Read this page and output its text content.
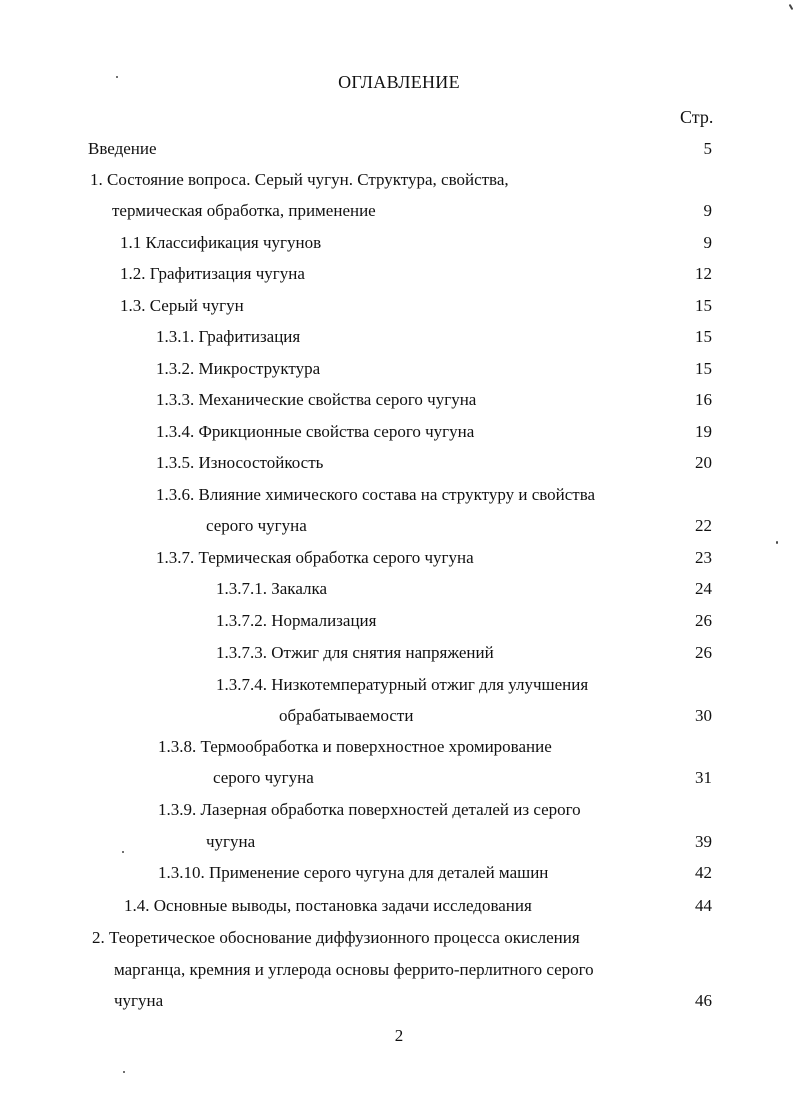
ОГЛАВЛЕНИЕ
Стр.
Введение	5
1. Состояние вопроса. Серый чугун. Структура, свойства,
термическая обработка, применение	9
1.1 Классификация чугунов	9
1.2. Графитизация чугуна	12
1.3. Серый чугун	15
1.3.1. Графитизация	15
1.3.2. Микроструктура	15
1.3.3. Механические свойства серого чугуна	16
1.3.4. Фрикционные свойства серого чугуна	19
1.3.5. Износостойкость	20
1.3.6. Влияние химического состава на структуру и свойства
серого чугуна	22
1.3.7. Термическая обработка серого чугуна	23
1.3.7.1. Закалка	24
1.3.7.2. Нормализация	26
1.3.7.3. Отжиг для снятия напряжений	26
1.3.7.4. Низкотемпературный отжиг для улучшения
обрабатываемости	30
1.3.8. Термообработка и поверхностное хромирование
серого чугуна	31
1.3.9. Лазерная обработка поверхностей деталей из серого
чугуна	39
1.3.10. Применение серого чугуна для деталей машин	42
1.4. Основные выводы, постановка задачи исследования	44
2. Теоретическое обоснование диффузионного процесса окисления
марганца, кремния и углерода основы феррито-перлитного серого
чугуна	46
2
